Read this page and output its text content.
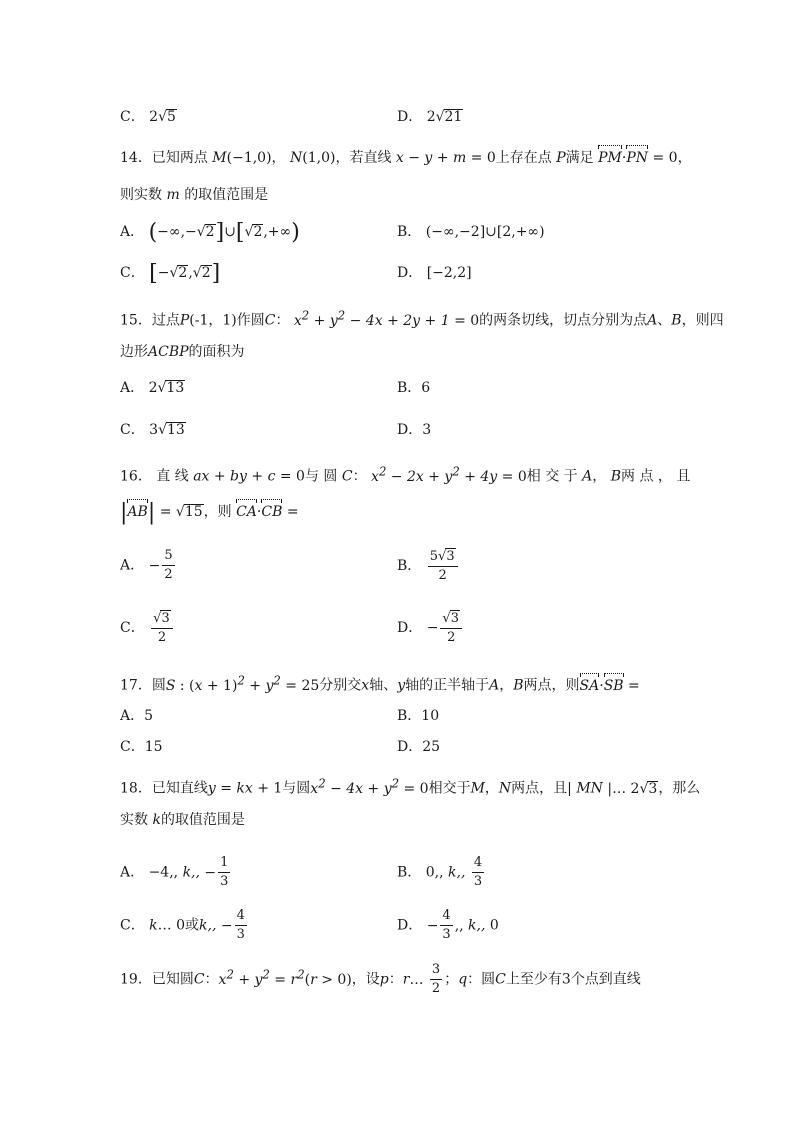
C． 2√5	D． 2√21
14．已知两点 M(−1,0)， N(1,0)，若直线 x − y + m = 0上存在点 P满足 PM·PN = 0，
则实数 m 的取值范围是
A． (−∞,−√2]∪[√2,+∞)	B． (−∞,−2]∪[2,+∞)
C． [−√2,√2]	D． [−2,2]
15．过点P(-1，1)作圆C： $x^2 + y^2 - 4x + 2y + 1 = 0$的两条切线，切点分别为点A、B，则四
边形ACBP的面积为
A． 2√13	B．6
C． 3√13	D．3
16． 直 线 ax + by + c = 0与 圆 C： $x^2 - 2x + y^2 + 4y = 0$相 交 于 A， B两 点 ， 且
|AB| = √15，则 CA·CB =
A． − $\frac{5}{2}$	B． $\frac{5√3}{2}$
C． $\frac{√3}{2}$	D． − $\frac{√3}{2}$
17．圆S : $(x + 1)^2 + y^2 = 25$分别交x轴、y轴的正半轴于A，B两点，则SA·SB =
A．5	B．10
C．15	D．25
18．已知直线y = kx + 1与圆$x^2 - 4x + y^2 = 0$相交于M，N两点，且| MN |… 2√3，那么
实数 k的取值范围是
A． −4,, k,, − $\frac{1}{3}$	B． 0,, k,, $\frac{4}{3}$
C． k… 0或k,, − $\frac{4}{3}$	D． − $\frac{4}{3}$ ,, k,, 0
19．已知圆C：$x^2 + y^2 = r^2(r > 0)$，设p：r… $\frac{3}{2}$ ；q：圆C上至少有3个点到直线
